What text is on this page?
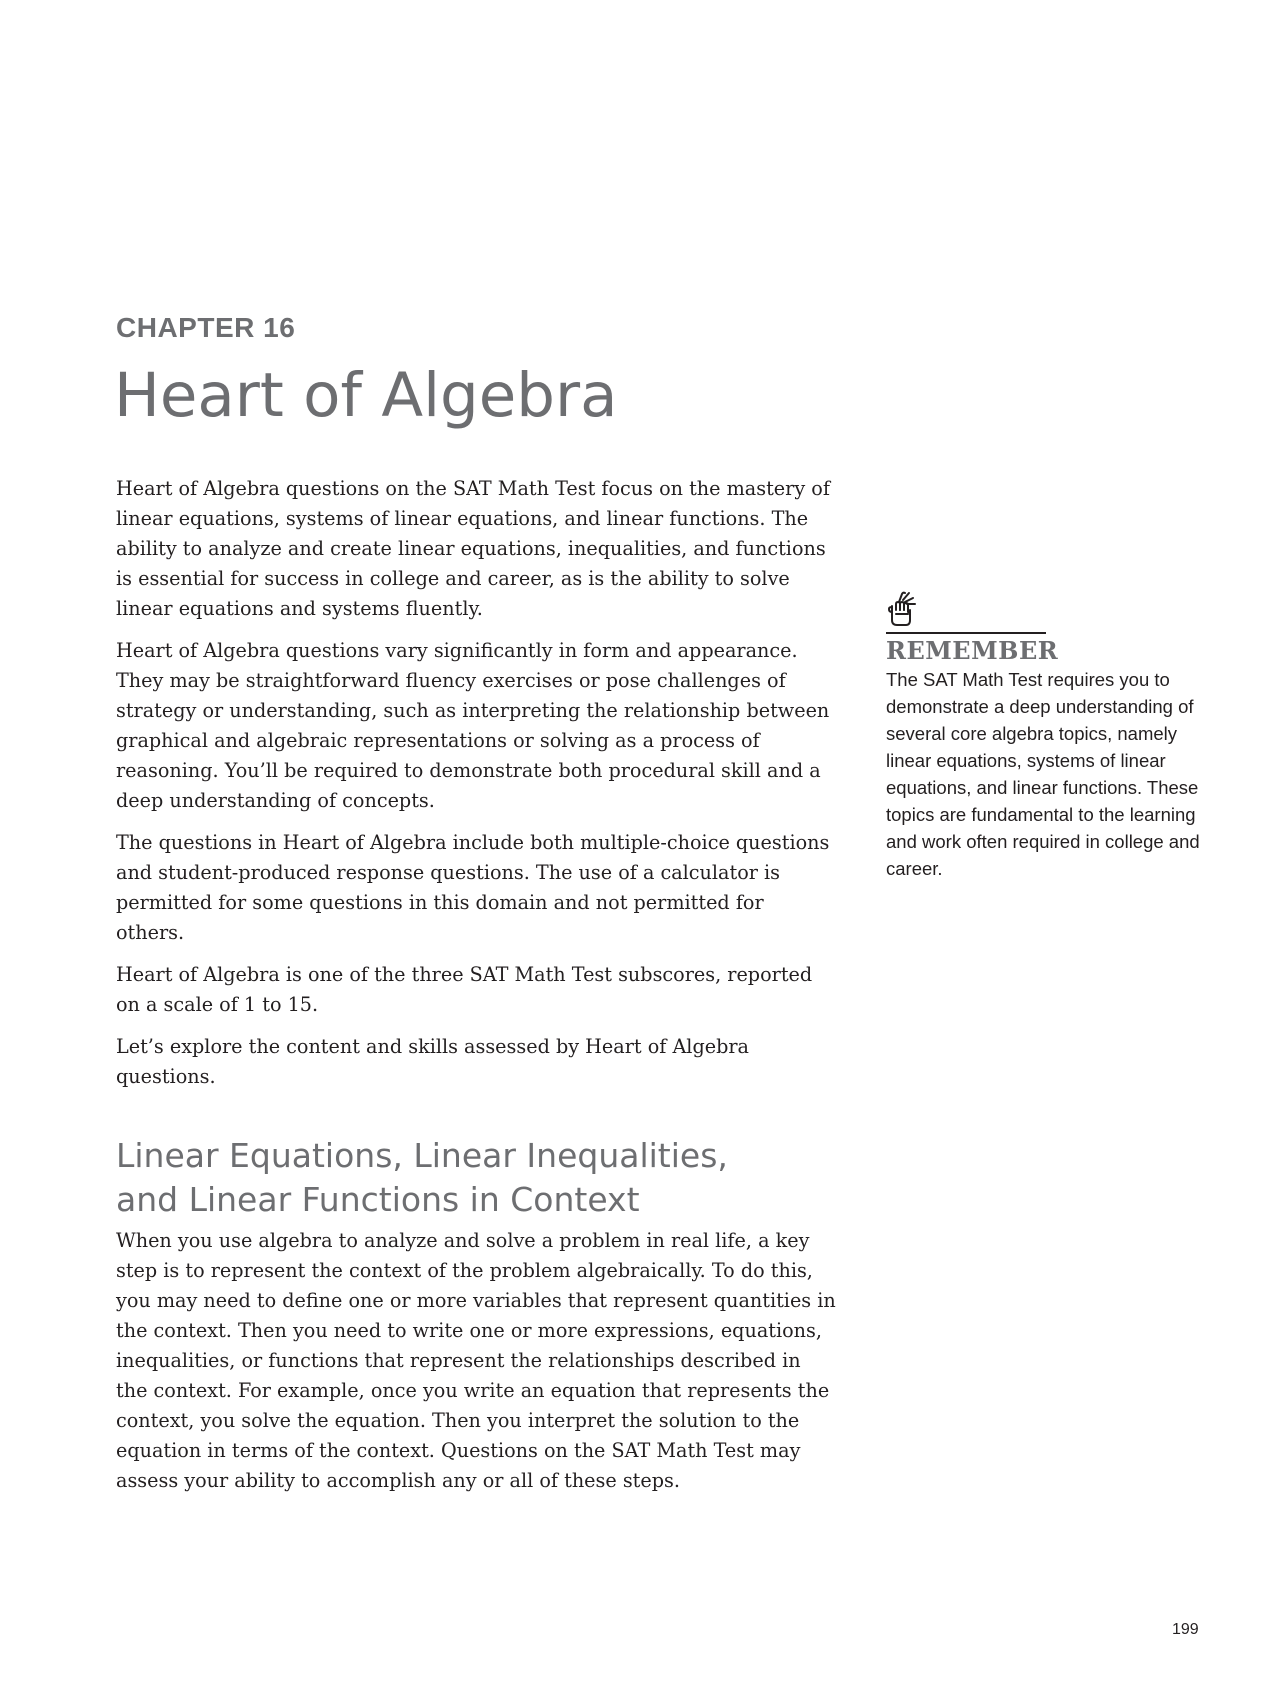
CHAPTER 16
Heart of Algebra

Heart of Algebra questions on the SAT Math Test focus on the mastery of linear equations, systems of linear equations, and linear functions. The ability to analyze and create linear equations, inequalities, and functions is essential for success in college and career, as is the ability to solve linear equations and systems fluently.

Heart of Algebra questions vary significantly in form and appearance. They may be straightforward fluency exercises or pose challenges of strategy or understanding, such as interpreting the relationship between graphical and algebraic representations or solving as a process of reasoning. You’ll be required to demonstrate both procedural skill and a deep understanding of concepts.

The questions in Heart of Algebra include both multiple-choice questions and student-produced response questions. The use of a calculator is permitted for some questions in this domain and not permitted for others.

Heart of Algebra is one of the three SAT Math Test subscores, reported on a scale of 1 to 15.

Let’s explore the content and skills assessed by Heart of Algebra questions.

Linear Equations, Linear Inequalities,
and Linear Functions in Context

When you use algebra to analyze and solve a problem in real life, a key step is to represent the context of the problem algebraically. To do this, you may need to define one or more variables that represent quantities in the context. Then you need to write one or more expressions, equations, inequalities, or functions that represent the relationships described in the context. For example, once you write an equation that represents the context, you solve the equation. Then you interpret the solution to the equation in terms of the context. Questions on the SAT Math Test may assess your ability to accomplish any or all of these steps.

REMEMBER

The SAT Math Test requires you to demonstrate a deep understanding of several core algebra topics, namely linear equations, systems of linear equations, and linear functions. These topics are fundamental to the learning and work often required in college and career.

199
